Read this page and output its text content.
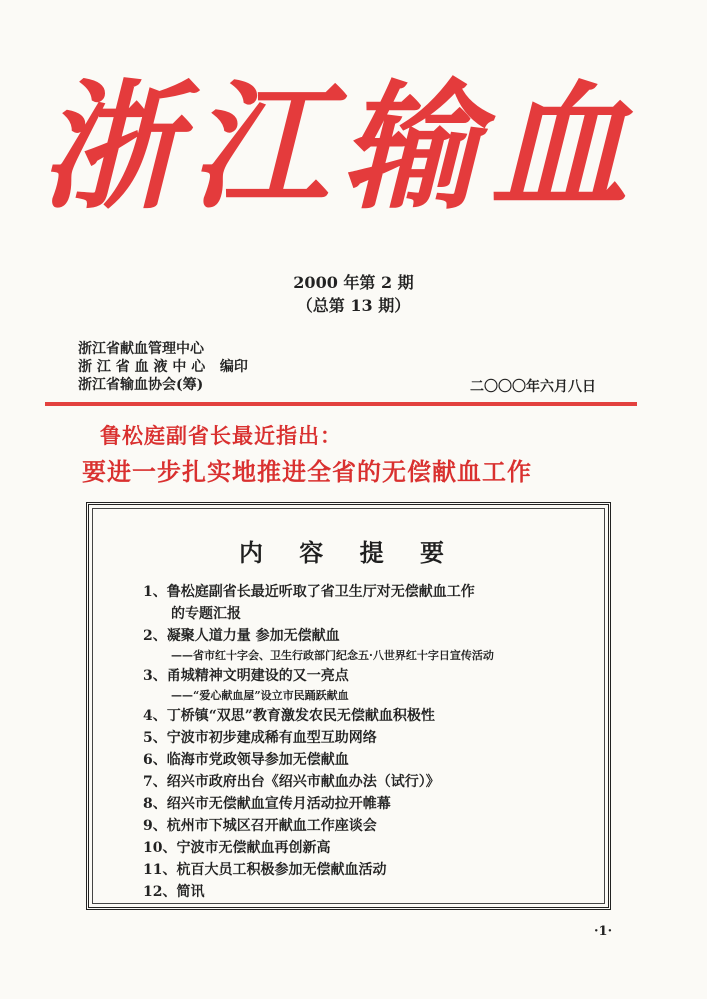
浙江输血
2000 年第 2 期
（总第 13 期）
浙江省献血管理中心
浙 江 省 血 液 中 心   编印
浙江省输血协会(筹)	二〇〇〇年六月八日
鲁松庭副省长最近指出：
要进一步扎实地推进全省的无偿献血工作
内 容 提 要
1、鲁松庭副省长最近听取了省卫生厅对无偿献血工作
的专题汇报
2、凝聚人道力量 参加无偿献血
——省市红十字会、卫生行政部门纪念五·八世界红十字日宣传活动
3、甬城精神文明建设的又一亮点
——“爱心献血屋”设立市民踊跃献血
4、丁桥镇“双思”教育激发农民无偿献血积极性
5、宁波市初步建成稀有血型互助网络
6、临海市党政领导参加无偿献血
7、绍兴市政府出台《绍兴市献血办法（试行）》
8、绍兴市无偿献血宣传月活动拉开帷幕
9、杭州市下城区召开献血工作座谈会
10、宁波市无偿献血再创新高
11、杭百大员工积极参加无偿献血活动
12、简讯
·1·
